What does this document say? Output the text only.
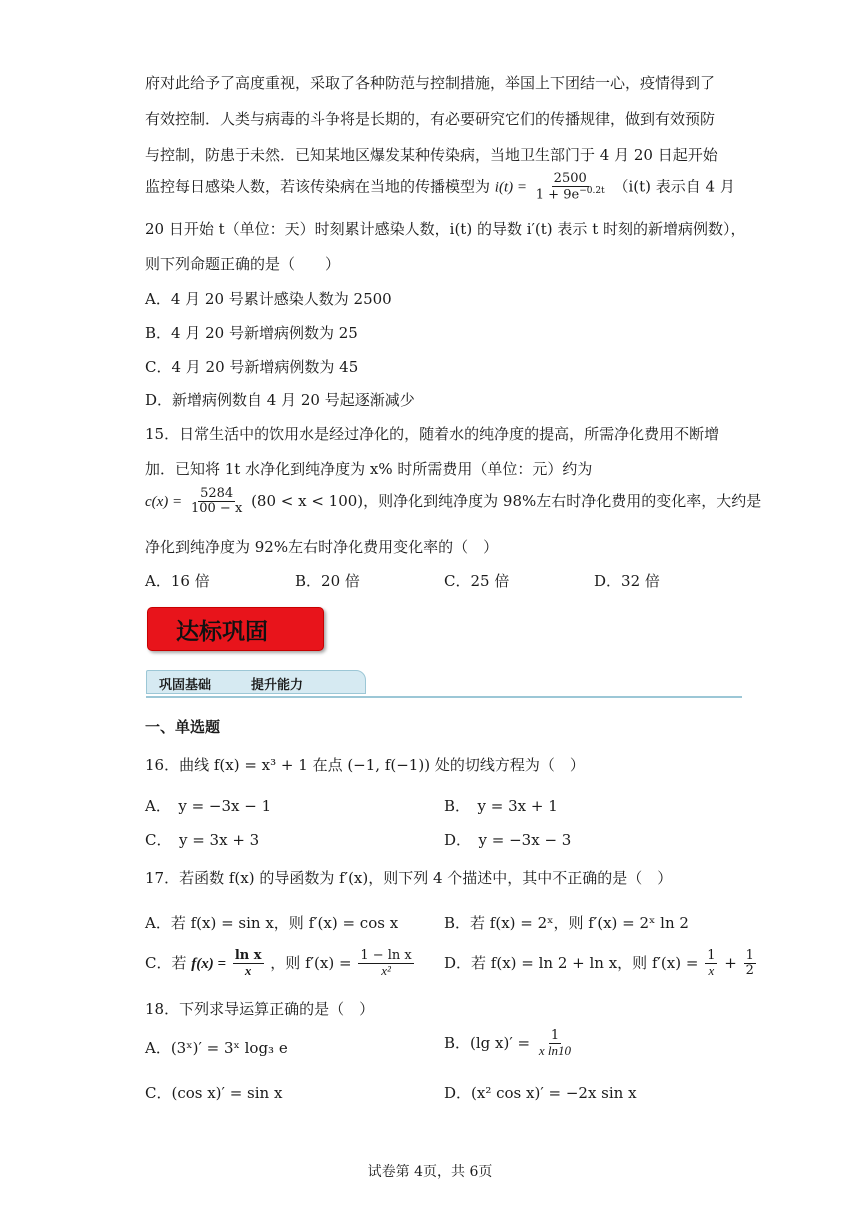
府对此给予了高度重视，采取了各种防范与控制措施，举国上下团结一心，疫情得到了
有效控制．人类与病毒的斗争将是长期的，有必要研究它们的传播规律，做到有效预防
与控制，防患于未然．已知某地区爆发某种传染病，当地卫生部门于 4 月 20 日起开始
监控每日感染人数，若该传染病在当地的传播模型为 $i(t) = \frac{2500}{1 + 9e^{-0.2t}} (i(t)$ 表示自 4 月
20 日开始 t（单位：天）时刻累计感染人数，i(t) 的导数 i′(t) 表示 t 时刻的新增病例数），
则下列命题正确的是（　　）
A．4 月 20 号累计感染人数为 2500
B．4 月 20 号新增病例数为 25
C．4 月 20 号新增病例数为 45
D．新增病例数自 4 月 20 号起逐渐减少
15．日常生活中的饮用水是经过净化的，随着水的纯净度的提高，所需净化费用不断增
加．已知将 1t 水净化到纯净度为 x% 时所需费用（单位：元）约为
$c(x) = \frac{5284}{100 - x} (80 < x < 100)$，则净化到纯净度为 98%左右时净化费用的变化率，大约是
净化到纯净度为 92%左右时净化费用变化率的（　）
A．16 倍	B．20 倍	C．25 倍	D．32 倍
达标巩固
巩固基础	提升能力
一、单选题
16．曲线 f(x) = x³ + 1 在点 (−1, f(−1)) 处的切线方程为（　）
A．　y = −3x − 1	B．　y = 3x + 1
C．　y = 3x + 3	D．　y = −3x − 3
17．若函数 f(x) 的导函数为 f′(x)，则下列 4 个描述中，其中不正确的是（　）
A．若 f(x) = sin x，则 f′(x) = cos x	B．若 f(x) = 2ˣ，则 f′(x) = 2ˣ ln 2
C．若 $f(x) = \frac{\text{ln x}}{x}$ ，则 $f'(x) = \frac{\text{1 − ln x}}{\text{x²}}$ D．若 f(x) = ln 2 + ln x，则 $f'(x) = \frac{1}{x} + \frac{1}{2}$
18．下列求导运算正确的是（　）
A．(3ˣ)′ = 3ˣ log₃ e	B．(lg $x)' = \frac{1}{\text{x ln10}}$
C．(cos x)′ = sin x	D．(x² cos x)′ = −2x sin x
试卷第 4页，共 6页
